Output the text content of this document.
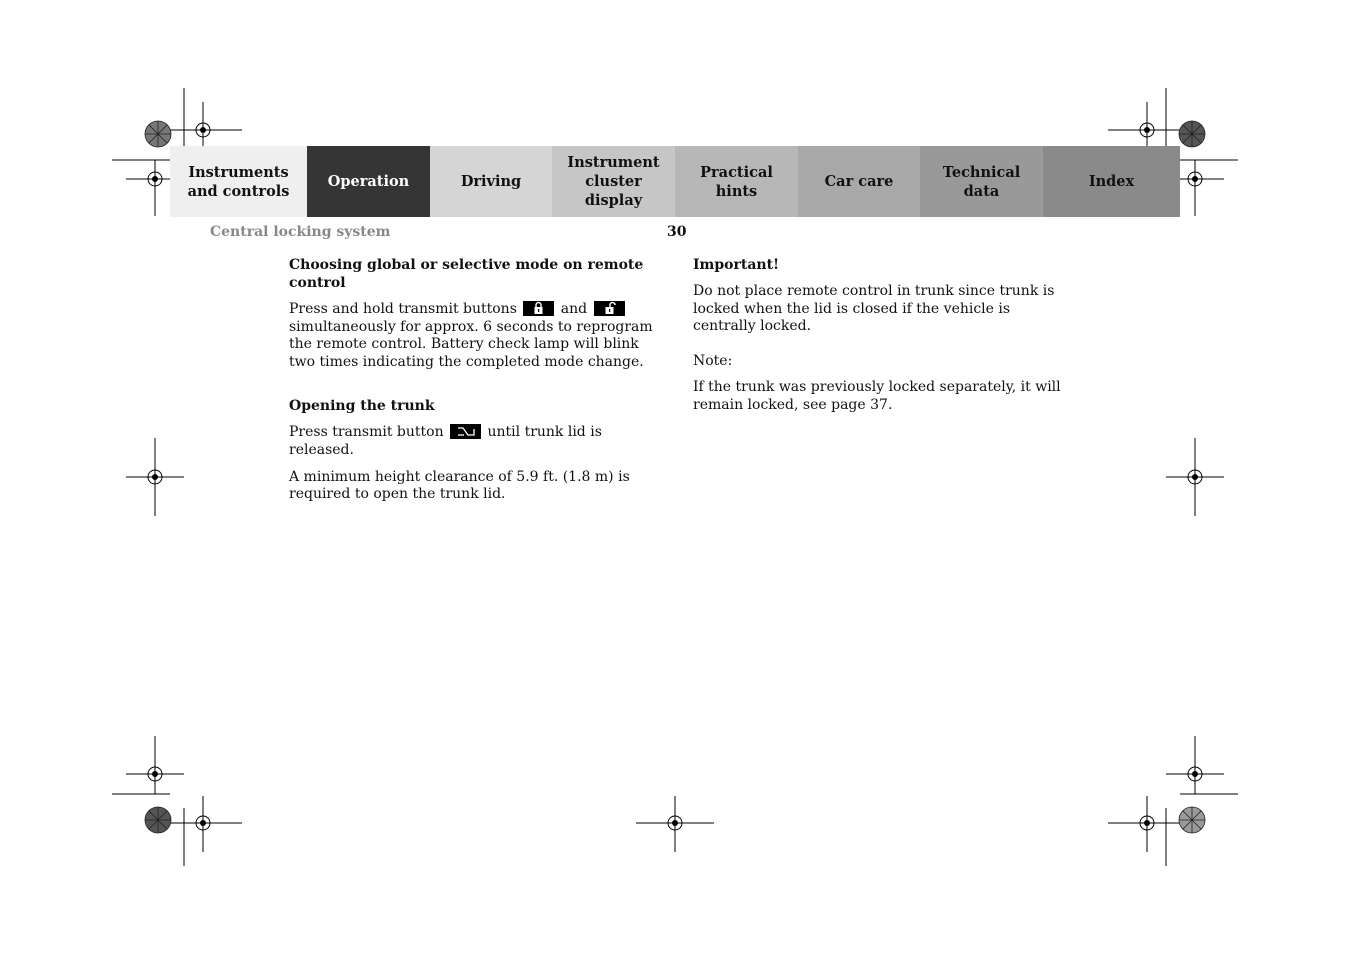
Instruments
and controls
Operation	Driving
Instrument
cluster display
Practical hints
Car care
Technical
data
Index
Central locking system	30
Choosing global or selective mode on remote control

Press and hold transmit buttons	and
simultaneously for approx. 6 seconds to reprogram the remote control. Battery check lamp will blink two times indicating the completed mode change.

Opening the trunk

Press transmit button	until trunk lid is released.

A minimum height clearance of 5.9 ft. (1.8 m) is required to open the trunk lid.

Important!

Do not place remote control in trunk since trunk is locked when the lid is closed if the vehicle is centrally locked.

Note:

If the trunk was previously locked separately, it will remain locked, see page 37.
